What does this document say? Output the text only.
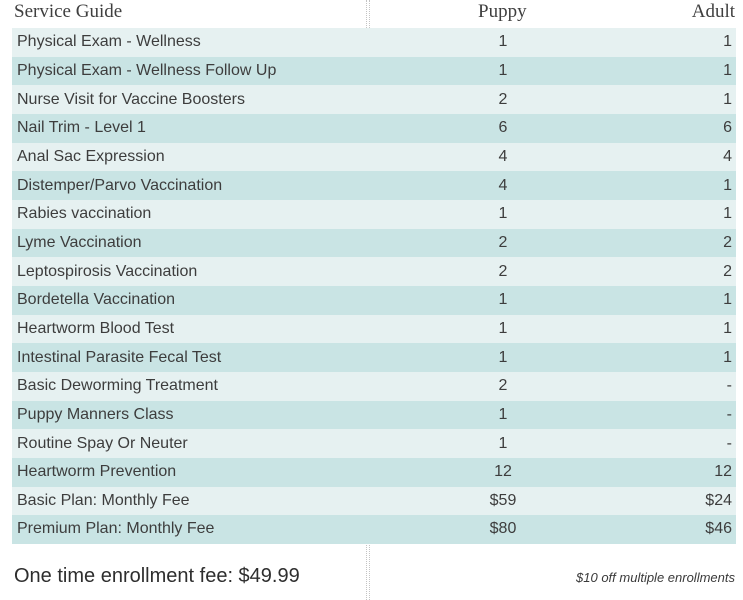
Service Guide	Puppy	Adult
Physical Exam - Wellness	1	1
Physical Exam - Wellness Follow Up	1	1
Nurse Visit for Vaccine Boosters	2	1
Nail Trim - Level 1	6	6
Anal Sac Expression	4	4
Distemper/Parvo Vaccination	4	1
Rabies vaccination	1	1
Lyme Vaccination	2	2
Leptospirosis Vaccination	2	2
Bordetella Vaccination	1	1
Heartworm Blood Test	1	1
Intestinal Parasite Fecal Test	1	1
Basic Deworming Treatment	2	-
Puppy Manners Class	1	-
Routine Spay Or Neuter	1	-
Heartworm Prevention	12	12
Basic Plan: Monthly Fee	$59	$24
Premium Plan: Monthly Fee	$80	$46
One time enrollment fee: $49.99	$10 off multiple enrollments
